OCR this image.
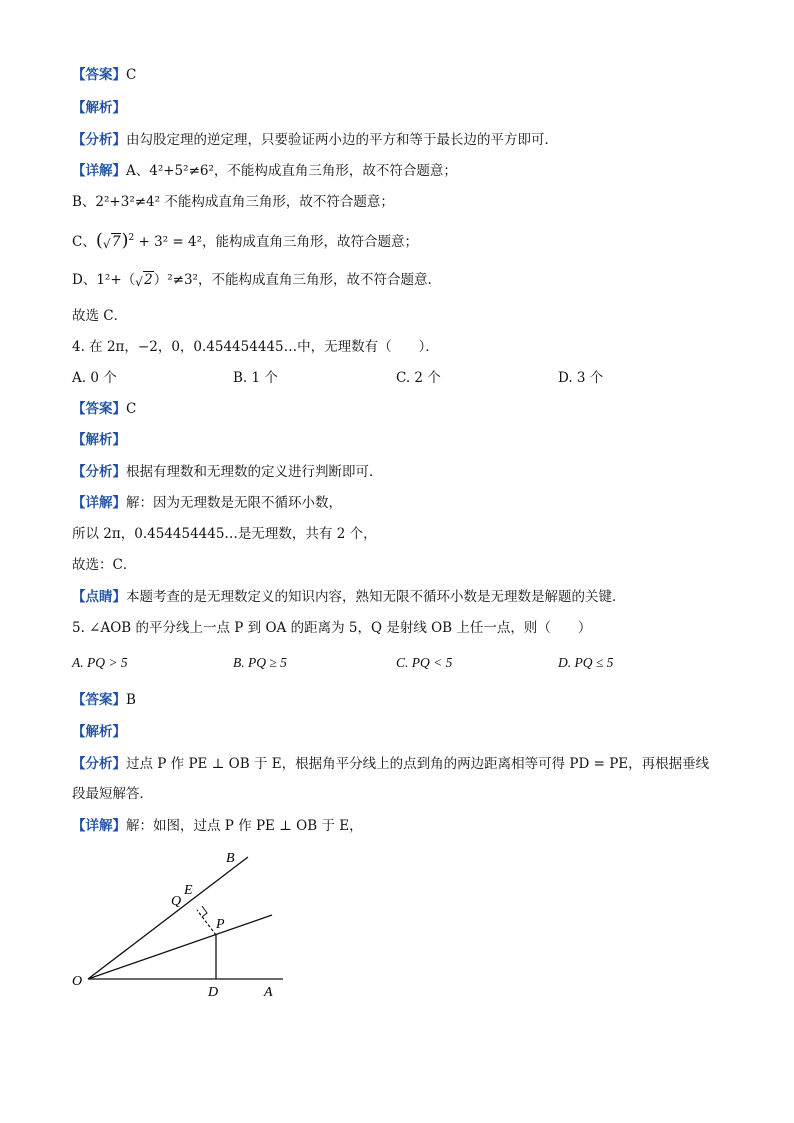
【答案】C
【解析】
【分析】由勾股定理的逆定理，只要验证两小边的平方和等于最长边的平方即可．
【详解】A、4²+5²≠6²，不能构成直角三角形，故不符合题意；
B、2²+3²≠4² 不能构成直角三角形，故不符合题意；
C、( √ 7)$^2$ + 3² = 4²，能构成直角三角形，故符合题意；
D、1²+（ √ 2）²≠3²，不能构成直角三角形，故不符合题意．
故选 C．
4. 在 2π，−2，0，0.454454445…中，无理数有（　　）．
A. 0 个	B. 1 个	C. 2 个	D. 3 个
【答案】C
【解析】
【分析】根据有理数和无理数的定义进行判断即可．
【详解】解：因为无理数是无限不循环小数，
所以 2π，0.454454445…是无理数，共有 2 个，
故选：C．
【点睛】本题考查的是无理数定义的知识内容，熟知无限不循环小数是无理数是解题的关键．
5. ∠AOB 的平分线上一点 P 到 OA 的距离为 5，Q 是射线 OB 上任一点，则（　　）
A. PQ > 5	B. PQ ≥ 5	C. PQ < 5	D. PQ ≤ 5
【答案】B
【解析】
【分析】过点 P 作 PE ⊥ OB 于 E，根据角平分线上的点到角的两边距离相等可得 PD = PE，再根据垂线
段最短解答．
【详解】解：如图，过点 P 作 PE ⊥ OB 于 E，
B
E
Q
P
O
D	A
